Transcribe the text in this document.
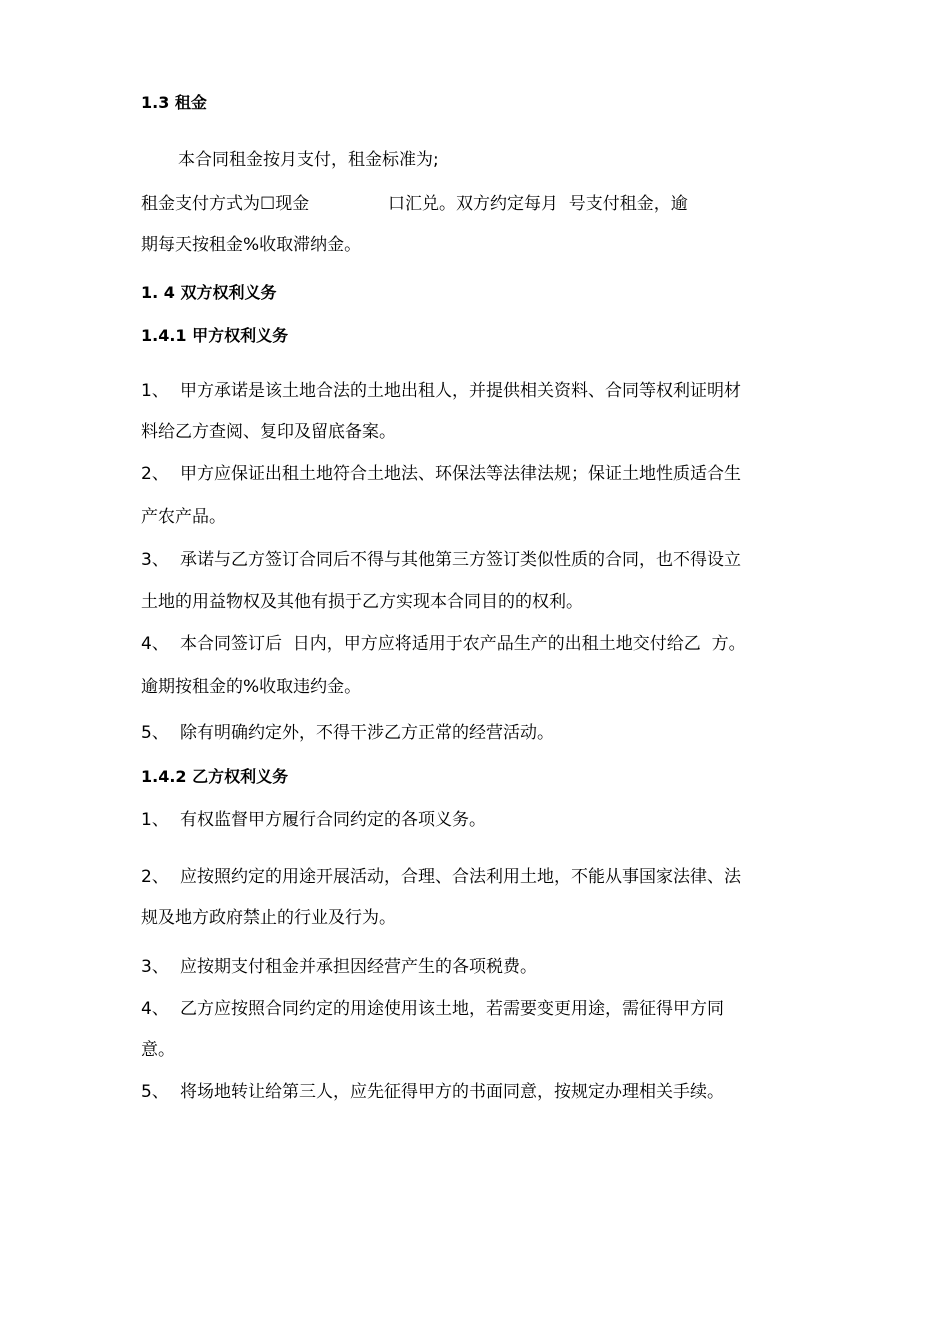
1.3 租金
本合同租金按月支付，租金标准为;
租金支付方式为☐现金	口汇兑。双方约定每月  号支付租金，逾
期每天按租金%收取滞纳金。
1. 4 双方权利义务
1.4.1 甲方权利义务
1、 甲方承诺是该土地合法的土地出租人，并提供相关资料、合同等权利证明材
料给乙方查阅、复印及留底备案。
2、 甲方应保证出租土地符合土地法、环保法等法律法规；保证土地性质适合生
产农产品。
3、 承诺与乙方签订合同后不得与其他第三方签订类似性质的合同，也不得设立
土地的用益物权及其他有损于乙方实现本合同目的的权利。
4、 本合同签订后  日内，甲方应将适用于农产品生产的出租土地交付给乙  方。
逾期按租金的%收取违约金。
5、 除有明确约定外，不得干涉乙方正常的经营活动。
1.4.2 乙方权利义务
1、 有权监督甲方履行合同约定的各项义务。
2、 应按照约定的用途开展活动，合理、合法利用土地，不能从事国家法律、法
规及地方政府禁止的行业及行为。
3、 应按期支付租金并承担因经营产生的各项税费。
4、 乙方应按照合同约定的用途使用该土地，若需要变更用途，需征得甲方同
意。
5、 将场地转让给第三人，应先征得甲方的书面同意，按规定办理相关手续。
